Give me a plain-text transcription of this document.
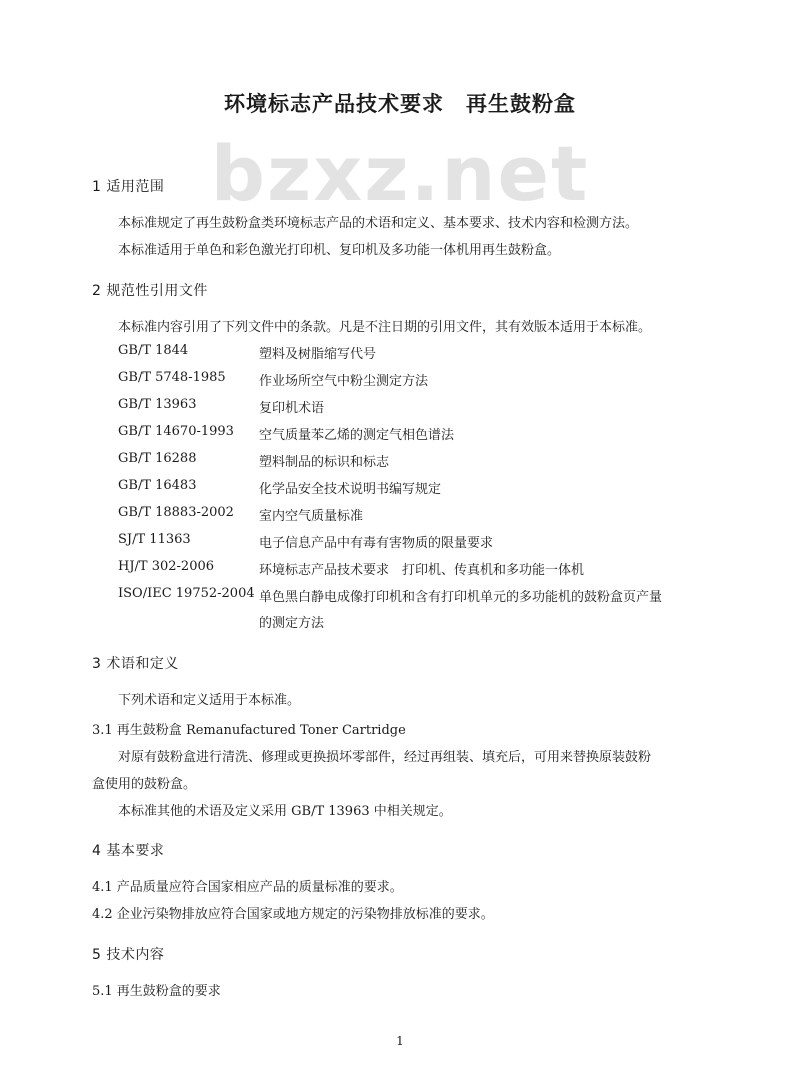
bzxz.net
环境标志产品技术要求　再生鼓粉盒
1 适用范围
本标准规定了再生鼓粉盒类环境标志产品的术语和定义、基本要求、技术内容和检测方法。
本标准适用于单色和彩色激光打印机、复印机及多功能一体机用再生鼓粉盒。
2 规范性引用文件
本标准内容引用了下列文件中的条款。凡是不注日期的引用文件，其有效版本适用于本标准。
GB/T 1844	塑料及树脂缩写代号
GB/T 5748-1985	作业场所空气中粉尘测定方法
GB/T 13963	复印机术语
GB/T 14670-1993 空气质量苯乙烯的测定气相色谱法
GB/T 16288	塑料制品的标识和标志
GB/T 16483	化学品安全技术说明书编写规定
GB/T 18883-2002 室内空气质量标准
SJ/T 11363	电子信息产品中有毒有害物质的限量要求
HJ/T 302-2006	环境标志产品技术要求　打印机、传真机和多功能一体机
ISO/IEC 19752-2004 单色黑白静电成像打印机和含有打印机单元的多功能机的鼓粉盒页产量
的测定方法
3 术语和定义
下列术语和定义适用于本标准。
3.1 再生鼓粉盒 Remanufactured Toner Cartridge
对原有鼓粉盒进行清洗、修理或更换损坏零部件，经过再组装、填充后，可用来替换原装鼓粉
盒使用的鼓粉盒。
本标准其他的术语及定义采用 GB/T 13963 中相关规定。
4 基本要求
4.1 产品质量应符合国家相应产品的质量标准的要求。
4.2 企业污染物排放应符合国家或地方规定的污染物排放标准的要求。
5 技术内容
5.1 再生鼓粉盒的要求
1
